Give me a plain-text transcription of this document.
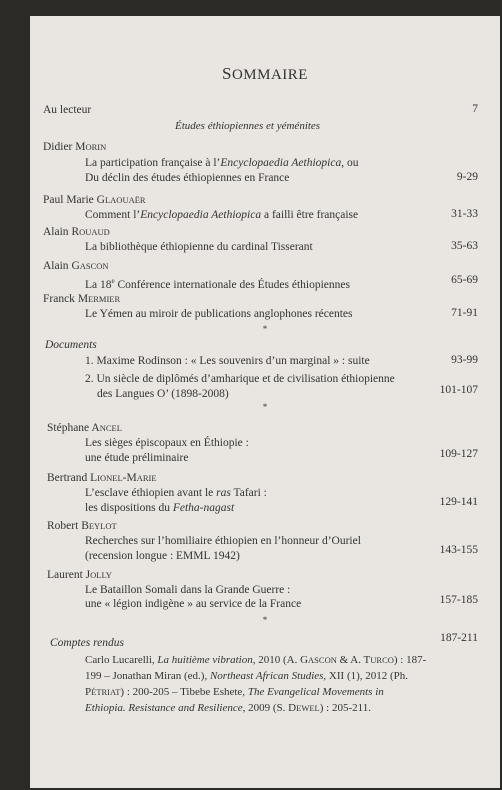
SOMMAIRE
Au lecteur	7
Études éthiopiennes et yéménites
Didier MORIN
La participation française à l’Encyclopaedia Aethiopica, ou
Du déclin des études éthiopiennes en France	9-29
Paul Marie GLAOUAËR
Comment l’Encyclopaedia Aethiopica a failli être française	31-33
Alain ROUAUD
La bibliothèque éthiopienne du cardinal Tisserant	35-63
Alain GASCON
La 18e Conférence internationale des Études éthiopiennes	65-69
Franck MERMIER
Le Yémen au miroir de publications anglophones récentes	71-91
*
Documents
1. Maxime Rodinson : « Les souvenirs d’un marginal » : suite	93-99
2. Un siècle de diplômés d’amharique et de civilisation éthiopienne
des Langues O’ (1898-2008)	101-107
*
Stéphane ANCEL
Les sièges épiscopaux en Éthiopie :
une étude préliminaire	109-127
Bertrand LIONEL-MARIE
L’esclave éthiopien avant le ras Tafari :
les dispositions du Fetha-nagast	129-141
Robert BEYLOT
Recherches sur l’homiliaire éthiopien en l’honneur d’Ouriel
(recension longue : EMML 1942)	143-155
Laurent JOLLY
Le Bataillon Somali dans la Grande Guerre :
une « légion indigène » au service de la France	157-185
*
Comptes rendus	187-211
Carlo Lucarelli, La huitième vibration, 2010 (A. GASCON & A. TURCO) : 187-
199 – Jonathan Miran (ed.), Northeast African Studies, XII (1), 2012 (Ph.
PÉTRIAT) : 200-205 – Tibebe Eshete, The Evangelical Movements in
Ethiopia. Resistance and Resilience, 2009 (S. DEWEL) : 205-211.
